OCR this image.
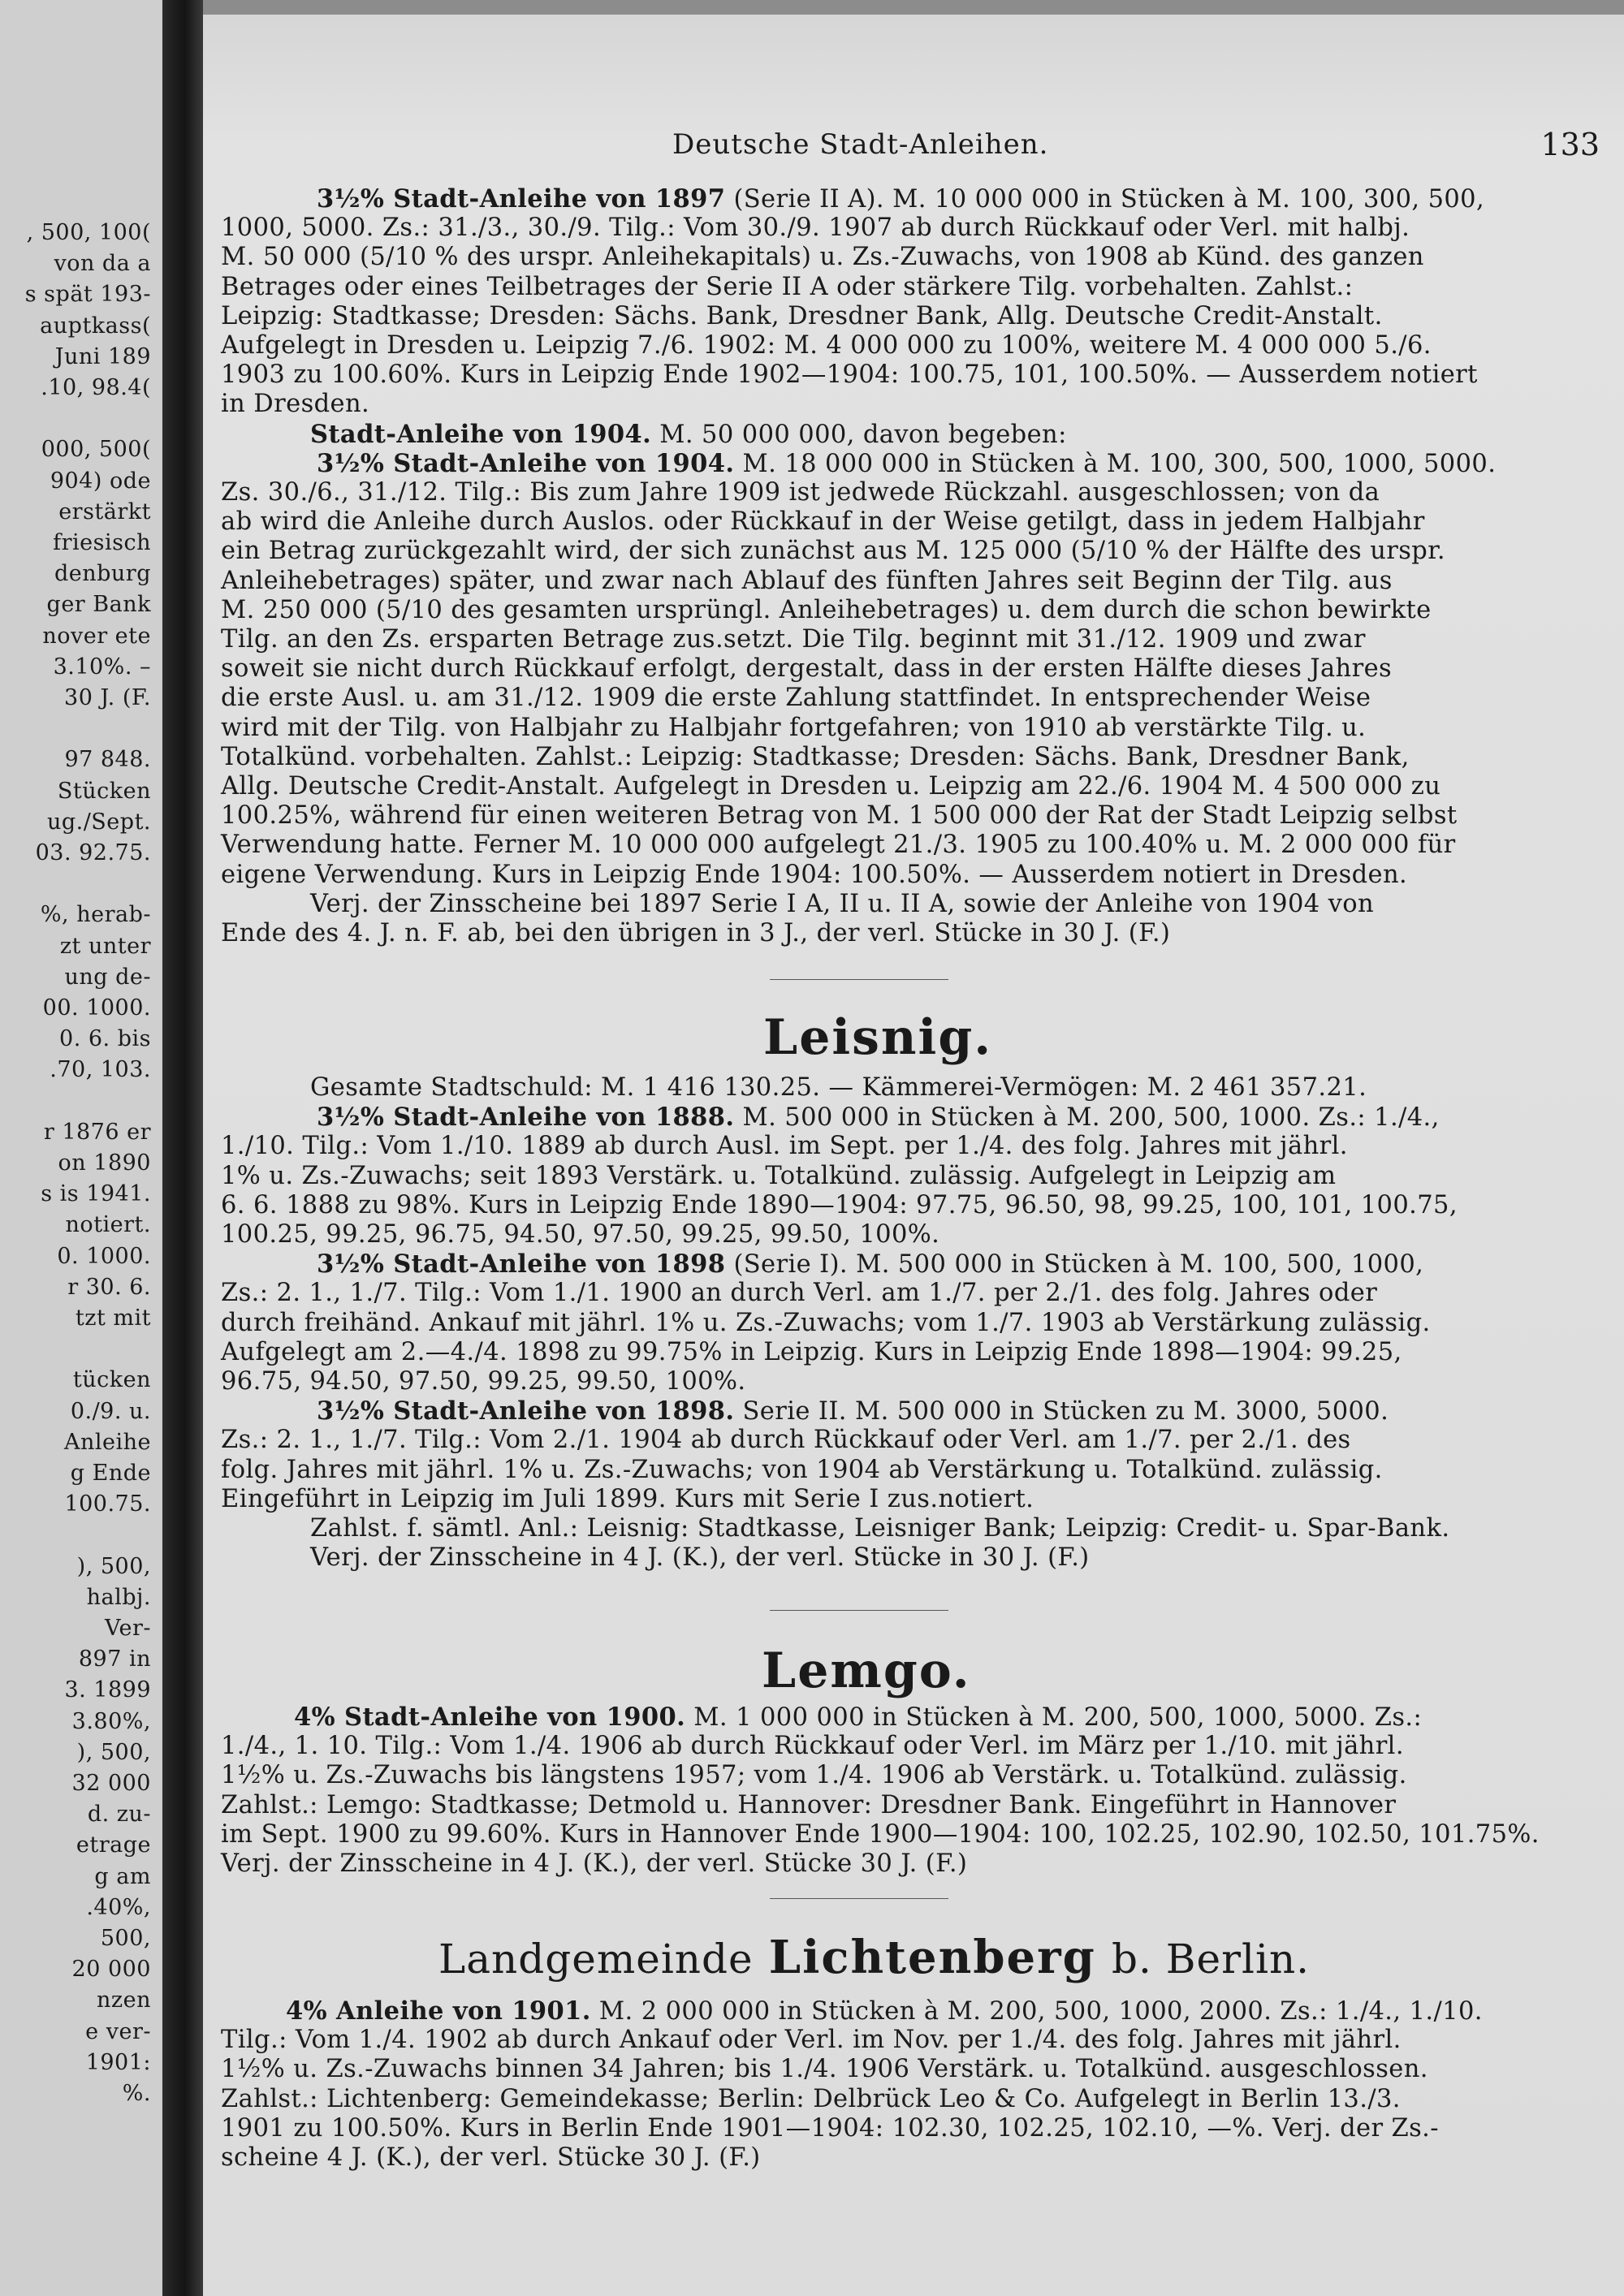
, 500, 100(
von da a
s spät 193-
auptkass(
Juni 189
.10, 98.4(
000, 500(
904) ode
erstärkt
friesisch
denburg
ger Bank
nover ete
3.10%. –
30 J. (F.
97 848.
Stücken
ug./Sept.
03. 92.75.
%, herab-
zt unter
ung de-
00. 1000.
0. 6. bis
.70, 103.
r 1876 er
on 1890
s is 1941.
notiert.
0. 1000.
r 30. 6.
tzt mit
tücken
0./9. u.
Anleihe
g Ende
100.75.
), 500,
halbj.
Ver-
897 in
3. 1899
3.80%,
), 500,
32 000
d. zu-
etrage
g am
.40%,
500,
20 000
nzen
e ver-
1901:
%.
Deutsche Stadt-Anleihen.	133
3½% Stadt-Anleihe von 1897 (Serie II A). M. 10 000 000 in Stücken à M. 100, 300, 500,
1000, 5000. Zs.: 31./3., 30./9. Tilg.: Vom 30./9. 1907 ab durch Rückkauf oder Verl. mit halbj.
M. 50 000 (5/10 % des urspr. Anleihekapitals) u. Zs.-Zuwachs, von 1908 ab Künd. des ganzen
Betrages oder eines Teilbetrages der Serie II A oder stärkere Tilg. vorbehalten. Zahlst.:
Leipzig: Stadtkasse; Dresden: Sächs. Bank, Dresdner Bank, Allg. Deutsche Credit-Anstalt.
Aufgelegt in Dresden u. Leipzig 7./6. 1902: M. 4 000 000 zu 100%, weitere M. 4 000 000 5./6.
1903 zu 100.60%. Kurs in Leipzig Ende 1902—1904: 100.75, 101, 100.50%. — Ausserdem notiert
in Dresden.
Stadt-Anleihe von 1904. M. 50 000 000, davon begeben:
3½% Stadt-Anleihe von 1904. M. 18 000 000 in Stücken à M. 100, 300, 500, 1000, 5000.
Zs. 30./6., 31./12. Tilg.: Bis zum Jahre 1909 ist jedwede Rückzahl. ausgeschlossen; von da
ab wird die Anleihe durch Auslos. oder Rückkauf in der Weise getilgt, dass in jedem Halbjahr
ein Betrag zurückgezahlt wird, der sich zunächst aus M. 125 000 (5/10 % der Hälfte des urspr.
Anleihebetrages) später, und zwar nach Ablauf des fünften Jahres seit Beginn der Tilg. aus
M. 250 000 (5/10 des gesamten ursprüngl. Anleihebetrages) u. dem durch die schon bewirkte
Tilg. an den Zs. ersparten Betrage zus.setzt. Die Tilg. beginnt mit 31./12. 1909 und zwar
soweit sie nicht durch Rückkauf erfolgt, dergestalt, dass in der ersten Hälfte dieses Jahres
die erste Ausl. u. am 31./12. 1909 die erste Zahlung stattfindet. In entsprechender Weise
wird mit der Tilg. von Halbjahr zu Halbjahr fortgefahren; von 1910 ab verstärkte Tilg. u.
Totalkünd. vorbehalten. Zahlst.: Leipzig: Stadtkasse; Dresden: Sächs. Bank, Dresdner Bank,
Allg. Deutsche Credit-Anstalt. Aufgelegt in Dresden u. Leipzig am 22./6. 1904 M. 4 500 000 zu
100.25%, während für einen weiteren Betrag von M. 1 500 000 der Rat der Stadt Leipzig selbst
Verwendung hatte. Ferner M. 10 000 000 aufgelegt 21./3. 1905 zu 100.40% u. M. 2 000 000 für
eigene Verwendung. Kurs in Leipzig Ende 1904: 100.50%. — Ausserdem notiert in Dresden.
Verj. der Zinsscheine bei 1897 Serie I A, II u. II A, sowie der Anleihe von 1904 von
Ende des 4. J. n. F. ab, bei den übrigen in 3 J., der verl. Stücke in 30 J. (F.)
Leisnig.
Gesamte Stadtschuld: M. 1 416 130.25. — Kämmerei-Vermögen: M. 2 461 357.21.
3½% Stadt-Anleihe von 1888. M. 500 000 in Stücken à M. 200, 500, 1000. Zs.: 1./4.,
1./10. Tilg.: Vom 1./10. 1889 ab durch Ausl. im Sept. per 1./4. des folg. Jahres mit jährl.
1% u. Zs.-Zuwachs; seit 1893 Verstärk. u. Totalkünd. zulässig. Aufgelegt in Leipzig am
6. 6. 1888 zu 98%. Kurs in Leipzig Ende 1890—1904: 97.75, 96.50, 98, 99.25, 100, 101, 100.75,
100.25, 99.25, 96.75, 94.50, 97.50, 99.25, 99.50, 100%.
3½% Stadt-Anleihe von 1898 (Serie I). M. 500 000 in Stücken à M. 100, 500, 1000,
Zs.: 2. 1., 1./7. Tilg.: Vom 1./1. 1900 an durch Verl. am 1./7. per 2./1. des folg. Jahres oder
durch freihänd. Ankauf mit jährl. 1% u. Zs.-Zuwachs; vom 1./7. 1903 ab Verstärkung zulässig.
Aufgelegt am 2.—4./4. 1898 zu 99.75% in Leipzig. Kurs in Leipzig Ende 1898—1904: 99.25,
96.75, 94.50, 97.50, 99.25, 99.50, 100%.
3½% Stadt-Anleihe von 1898. Serie II. M. 500 000 in Stücken zu M. 3000, 5000.
Zs.: 2. 1., 1./7. Tilg.: Vom 2./1. 1904 ab durch Rückkauf oder Verl. am 1./7. per 2./1. des
folg. Jahres mit jährl. 1% u. Zs.-Zuwachs; von 1904 ab Verstärkung u. Totalkünd. zulässig.
Eingeführt in Leipzig im Juli 1899. Kurs mit Serie I zus.notiert.
Zahlst. f. sämtl. Anl.: Leisnig: Stadtkasse, Leisniger Bank; Leipzig: Credit- u. Spar-Bank.
Verj. der Zinsscheine in 4 J. (K.), der verl. Stücke in 30 J. (F.)
Lemgo.
4% Stadt-Anleihe von 1900. M. 1 000 000 in Stücken à M. 200, 500, 1000, 5000. Zs.:
1./4., 1. 10. Tilg.: Vom 1./4. 1906 ab durch Rückkauf oder Verl. im März per 1./10. mit jährl.
1½% u. Zs.-Zuwachs bis längstens 1957; vom 1./4. 1906 ab Verstärk. u. Totalkünd. zulässig.
Zahlst.: Lemgo: Stadtkasse; Detmold u. Hannover: Dresdner Bank. Eingeführt in Hannover
im Sept. 1900 zu 99.60%. Kurs in Hannover Ende 1900—1904: 100, 102.25, 102.90, 102.50, 101.75%.
Verj. der Zinsscheine in 4 J. (K.), der verl. Stücke 30 J. (F.)
Landgemeinde Lichtenberg b. Berlin.
4% Anleihe von 1901. M. 2 000 000 in Stücken à M. 200, 500, 1000, 2000. Zs.: 1./4., 1./10.
Tilg.: Vom 1./4. 1902 ab durch Ankauf oder Verl. im Nov. per 1./4. des folg. Jahres mit jährl.
1½% u. Zs.-Zuwachs binnen 34 Jahren; bis 1./4. 1906 Verstärk. u. Totalkünd. ausgeschlossen.
Zahlst.: Lichtenberg: Gemeindekasse; Berlin: Delbrück Leo & Co. Aufgelegt in Berlin 13./3.
1901 zu 100.50%. Kurs in Berlin Ende 1901—1904: 102.30, 102.25, 102.10, —%. Verj. der Zs.-
scheine 4 J. (K.), der verl. Stücke 30 J. (F.)
